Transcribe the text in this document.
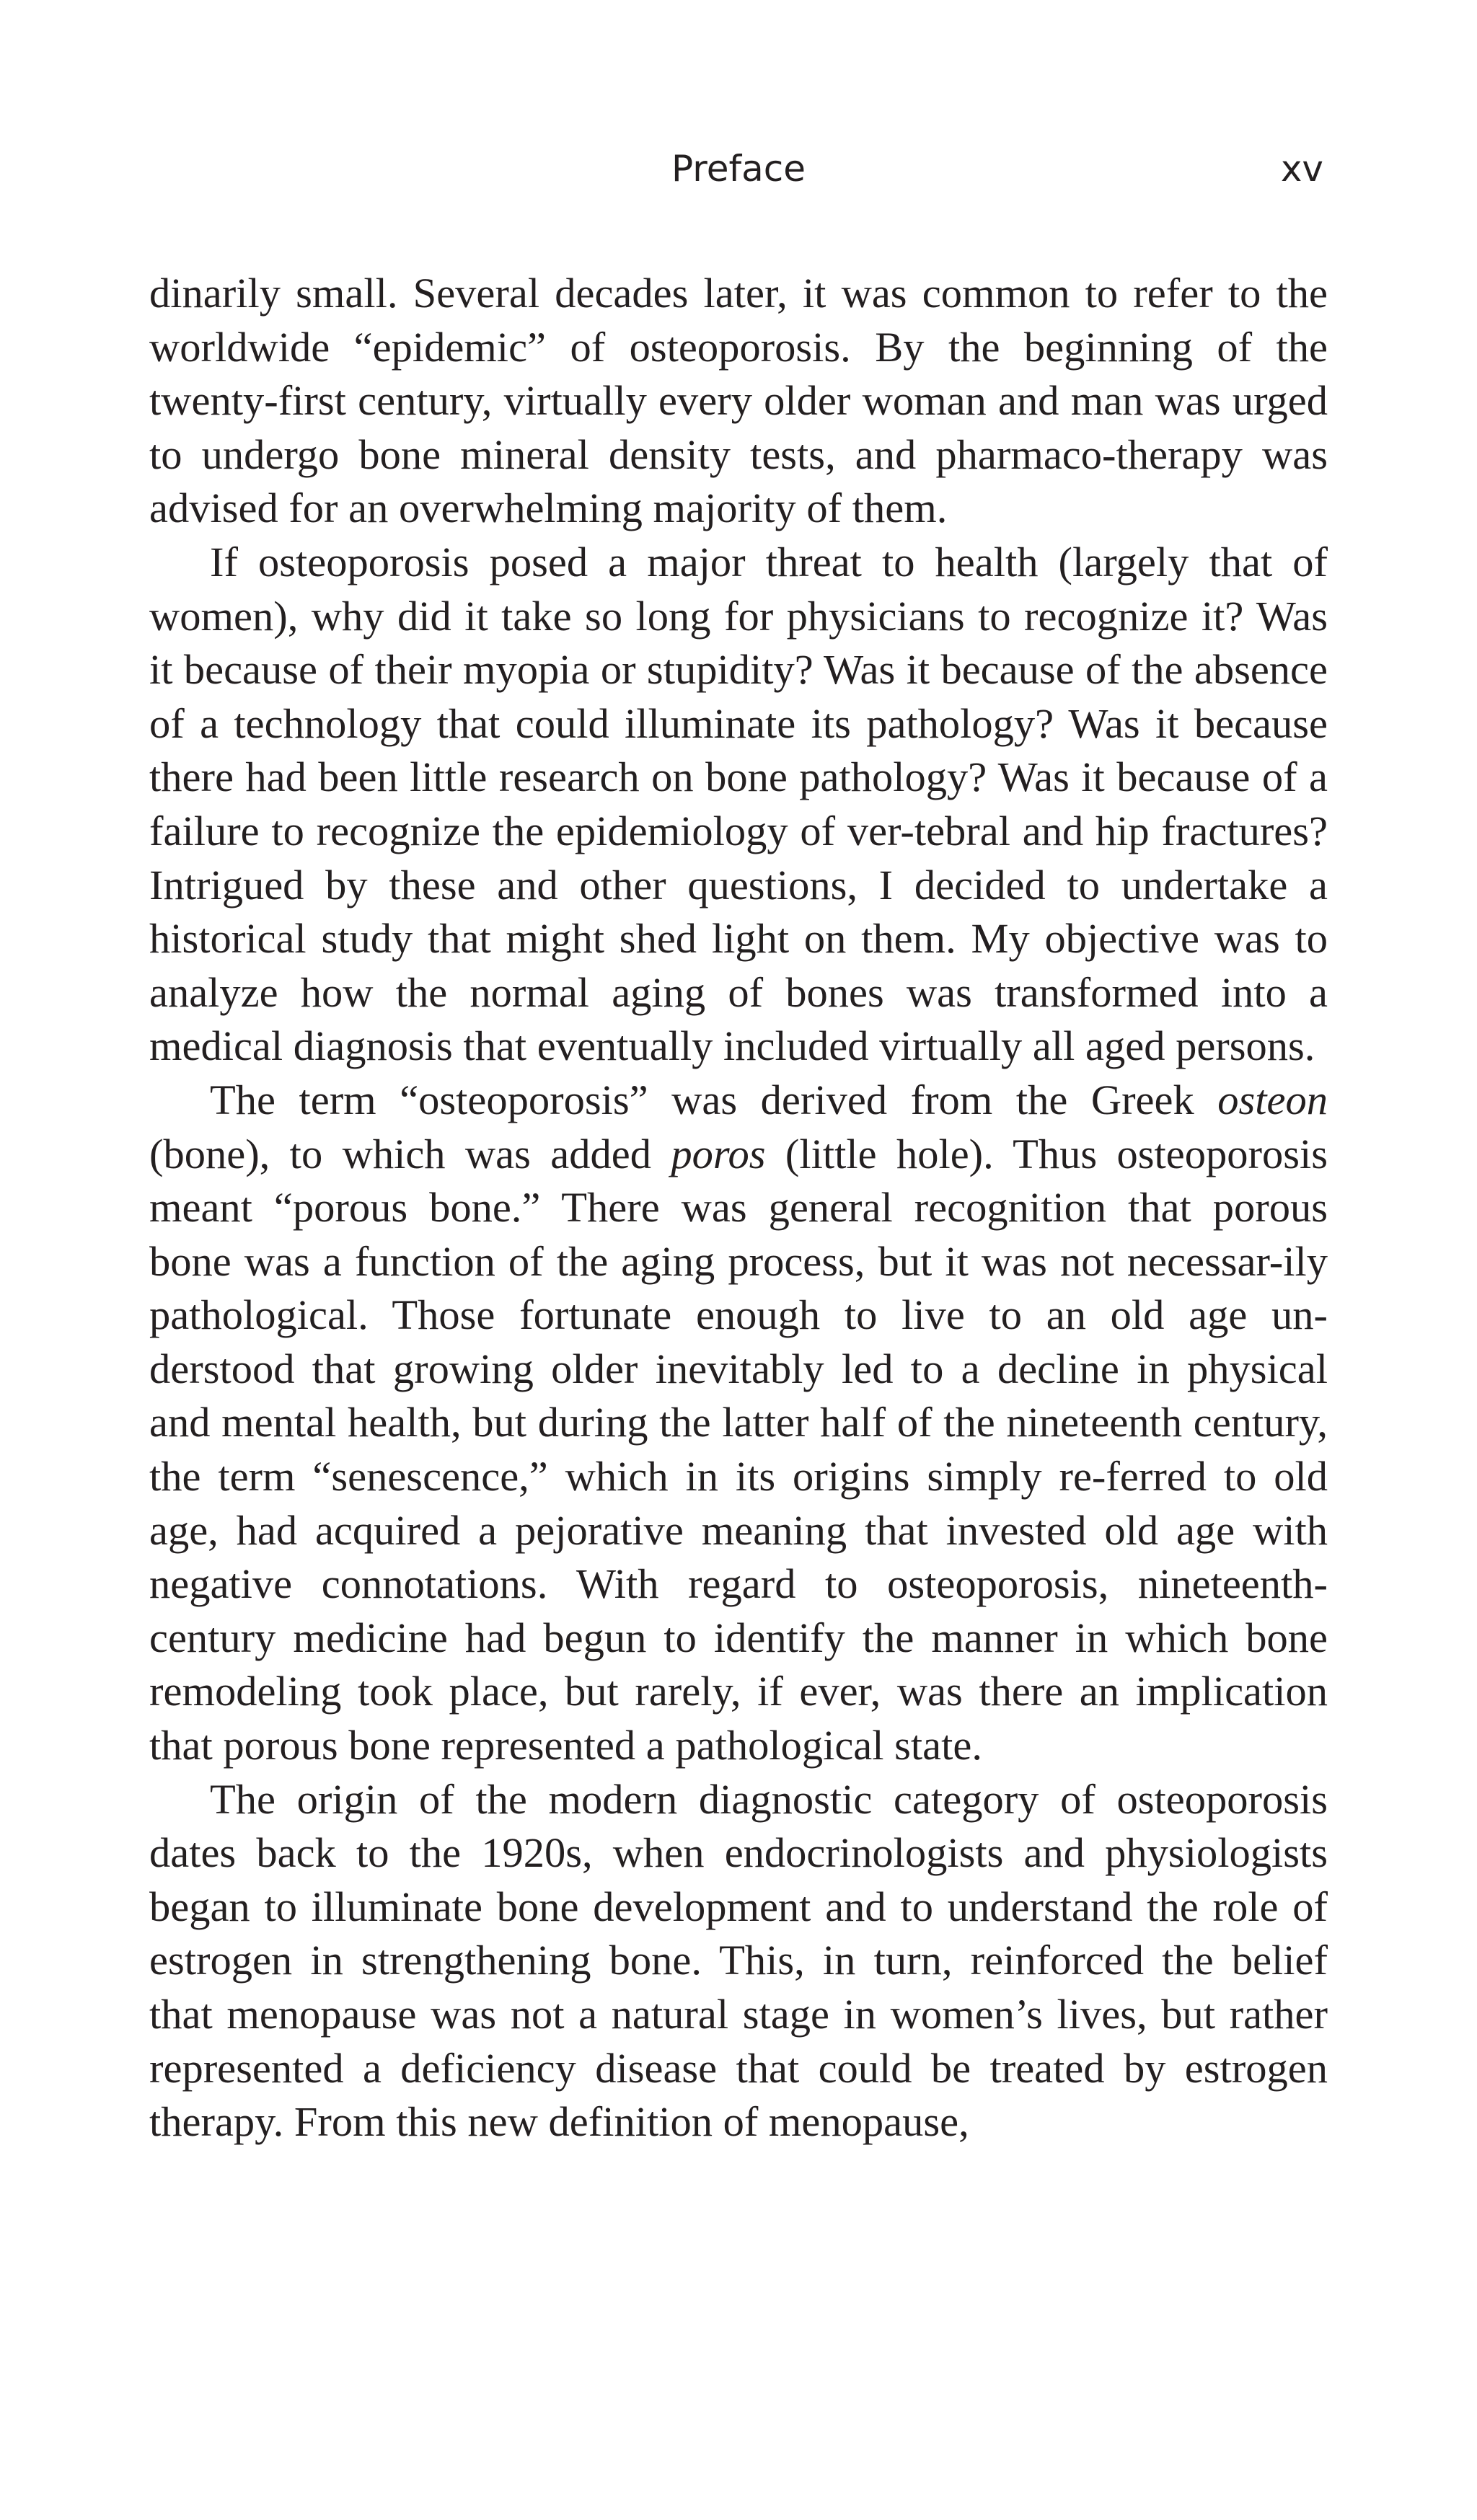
Preface	xv

dinarily small. Several decades later, it was common to refer to the worldwide “epidemic” of osteoporosis. By the beginning of the twenty-first century, virtually every older woman and man was urged to undergo bone mineral density tests, and pharmaco-therapy was advised for an overwhelming majority of them.

If osteoporosis posed a major threat to health (largely that of women), why did it take so long for physicians to recognize it? Was it because of their myopia or stupidity? Was it because of the absence of a technology that could illuminate its pathology? Was it because there had been little research on bone pathology? Was it because of a failure to recognize the epidemiology of ver-tebral and hip fractures? Intrigued by these and other questions, I decided to undertake a historical study that might shed light on them. My objective was to analyze how the normal aging of bones was transformed into a medical diagnosis that eventually included virtually all aged persons.

The term “osteoporosis” was derived from the Greek osteon (bone), to which was added poros (little hole). Thus osteoporosis meant “porous bone.” There was general recognition that porous bone was a function of the aging process, but it was not necessar-ily pathological. Those fortunate enough to live to an old age un-derstood that growing older inevitably led to a decline in physical and mental health, but during the latter half of the nineteenth century, the term “senescence,” which in its origins simply re-ferred to old age, had acquired a pejorative meaning that invested old age with negative connotations. With regard to osteoporosis, nineteenth-century medicine had begun to identify the manner in which bone remodeling took place, but rarely, if ever, was there an implication that porous bone represented a pathological state.

The origin of the modern diagnostic category of osteoporosis dates back to the 1920s, when endocrinologists and physiologists began to illuminate bone development and to understand the role of estrogen in strengthening bone. This, in turn, reinforced the belief that menopause was not a natural stage in women’s lives, but rather represented a deficiency disease that could be treated by estrogen therapy. From this new definition of menopause,
